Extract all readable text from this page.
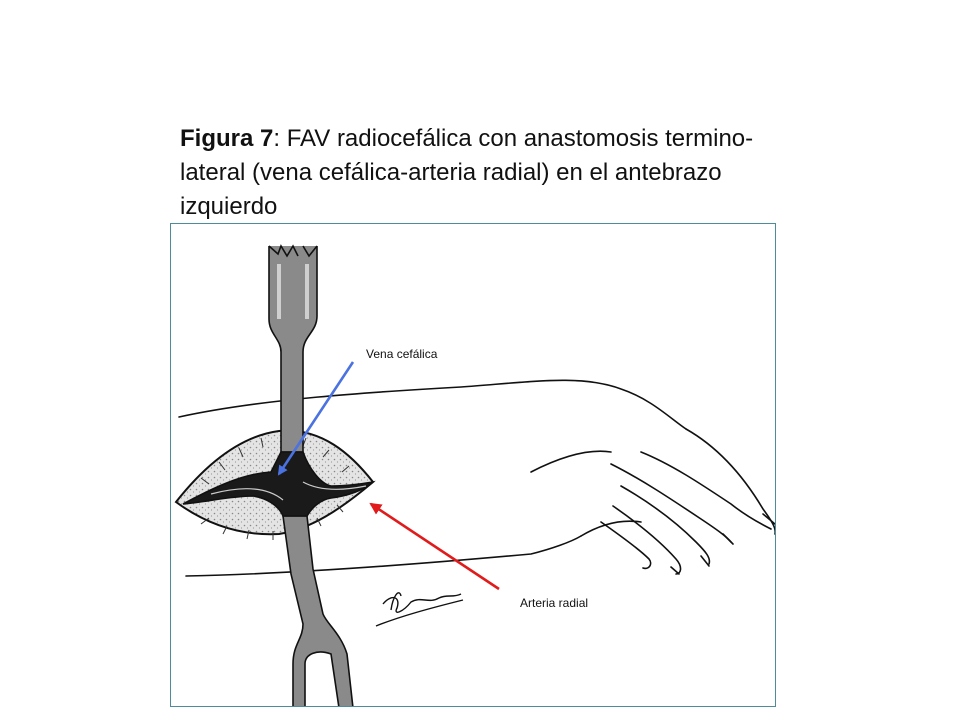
Figura 7: FAV radiocefálica con anastomosis termino-lateral (vena cefálica-arteria radial) en el antebrazo izquierdo
Vena cefálica
Arteria radial
